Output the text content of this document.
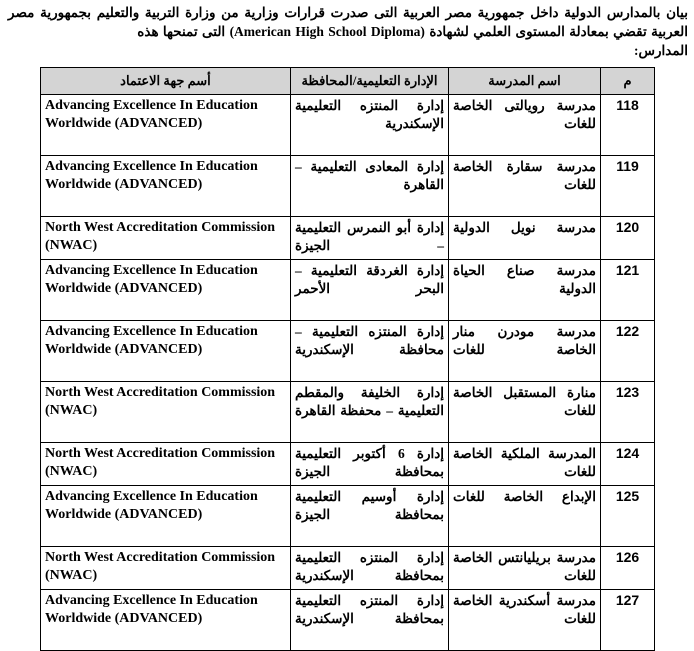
بيان بالمدارس الدولية داخل جمهورية مصر العربية التى صدرت قرارات وزارية من وزارة التربية والتعليم بجمهورية مصر العربية تقضي بمعادلة المستوى العلمي لشهادة (American High School Diploma) التى تمنحها هذه
المدارس:
م	اسم المدرسة	الإدارة التعليمية/المحافظة	أسم جهة الاعتماد
118	مدرسة رويالتى الخاصة للغات	إدارة المنتزه التعليمية الإسكندرية	Advancing Excellence In Education Worldwide (ADVANCED)
119	مدرسة سقارة الخاصة للغات	إدارة المعادى التعليمية – القاهرة	Advancing Excellence In Education Worldwide (ADVANCED)
120	مدرسة نويل الدولية	إدارة أبو النمرس التعليمية – الجيزة	North West Accreditation Commission (NWAC)
121	مدرسة صناع الحياة الدولية	إدارة الغردقة التعليمية – البحر الأحمر	Advancing Excellence In Education Worldwide (ADVANCED)
122	مدرسة مودرن منار الخاصة للغات	إدارة المنتزه التعليمية – محافظة الإسكندرية	Advancing Excellence In Education Worldwide (ADVANCED)
123	منارة المستقبل الخاصة للغات	إدارة الخليفة والمقطم التعليمية – محفظة القاهرة	North West Accreditation Commission (NWAC)
124	المدرسة الملكية الخاصة للغات	إدارة 6 أكتوبر التعليمية بمحافظة الجيزة	North West Accreditation Commission (NWAC)
125	الإبداع الخاصة للغات	إدارة أوسيم التعليمية بمحافظة الجيزة	Advancing Excellence In Education Worldwide (ADVANCED)
126	مدرسة بريليانتس الخاصة للغات	إدارة المنتزه التعليمية بمحافظة الإسكندرية	North West Accreditation Commission (NWAC)
127	مدرسة أسكندرية الخاصة للغات	إدارة المنتزه التعليمية بمحافظة الإسكندرية	Advancing Excellence In Education Worldwide (ADVANCED)
